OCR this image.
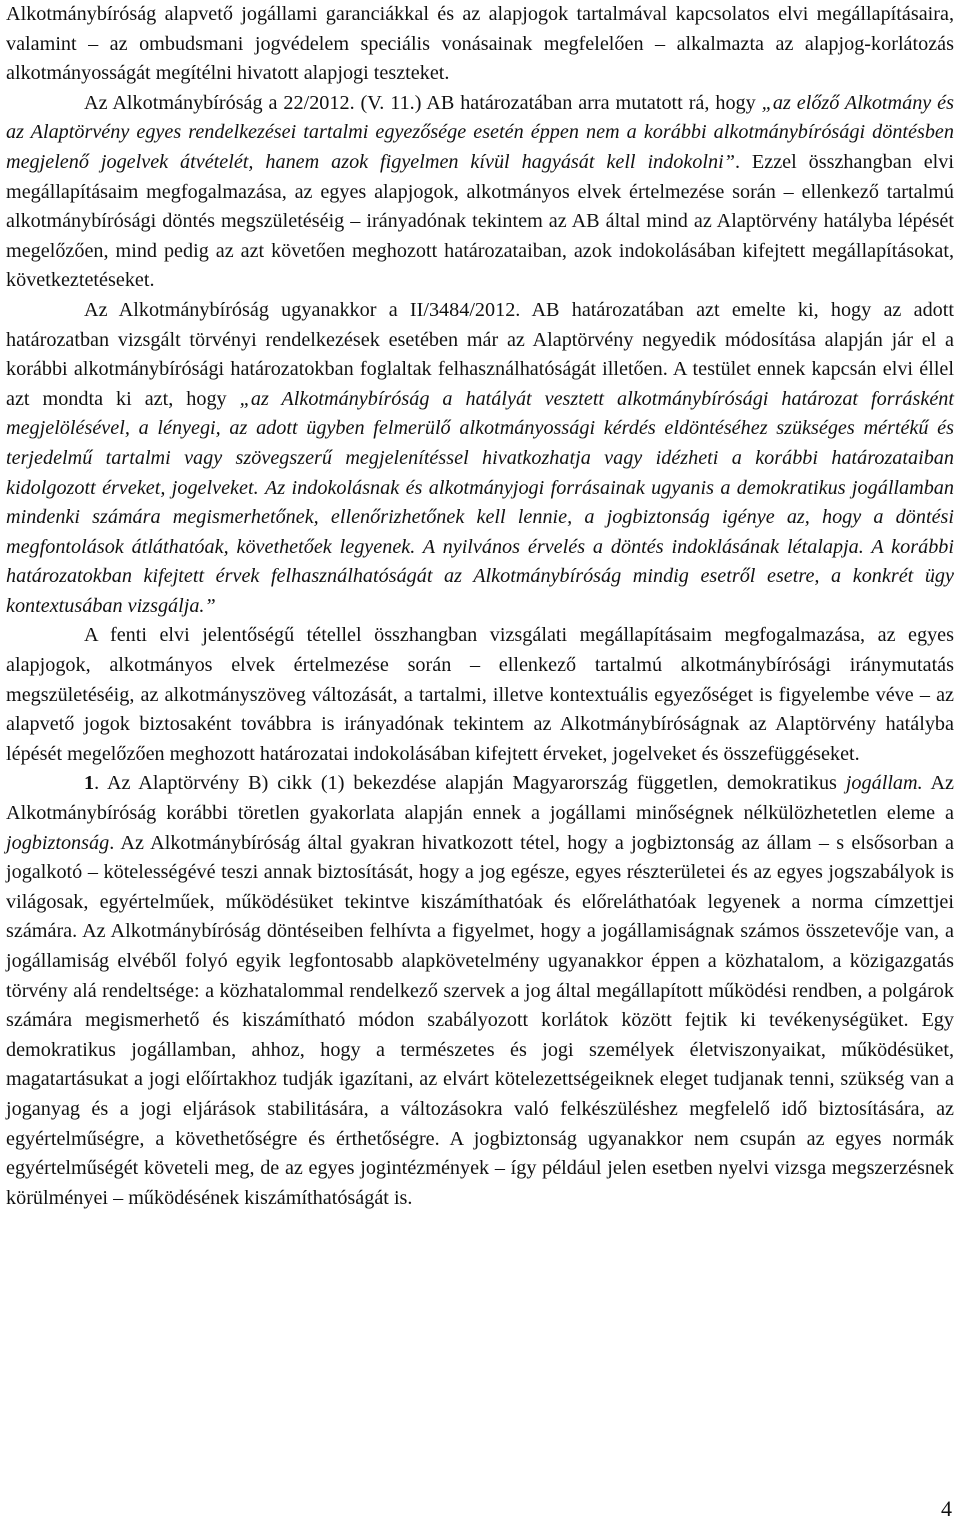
Alkotmánybíróság alapvető jogállami garanciákkal és az alapjogok tartalmával kapcsolatos elvi megállapításaira, valamint – az ombudsmani jogvédelem speciális vonásainak megfelelően – alkalmazta az alapjog-korlátozás alkotmányosságát megítélni hivatott alapjogi teszteket.

Az Alkotmánybíróság a 22/2012. (V. 11.) AB határozatában arra mutatott rá, hogy „az előző Alkotmány és az Alaptörvény egyes rendelkezései tartalmi egyezősége esetén éppen nem a korábbi alkotmánybírósági döntésben megjelenő jogelvek átvételét, hanem azok figyelmen kívül hagyását kell indokolni”. Ezzel összhangban elvi megállapításaim megfogalmazása, az egyes alapjogok, alkotmányos elvek értelmezése során – ellenkező tartalmú alkotmánybírósági döntés megszületéséig – irányadónak tekintem az AB által mind az Alaptörvény hatályba lépését megelőzően, mind pedig az azt követően meghozott határozataiban, azok indokolásában kifejtett megállapításokat, következtetéseket.

Az Alkotmánybíróság ugyanakkor a II/3484/2012. AB határozatában azt emelte ki, hogy az adott határozatban vizsgált törvényi rendelkezések esetében már az Alaptörvény negyedik módosítása alapján jár el a korábbi alkotmánybírósági határozatokban foglaltak felhasználhatóságát illetően. A testület ennek kapcsán elvi éllel azt mondta ki azt, hogy „az Alkotmánybíróság a hatályát vesztett alkotmánybírósági határozat forrásként megjelölésével, a lényegi, az adott ügyben felmerülő alkotmányossági kérdés eldöntéséhez szükséges mértékű és terjedelmű tartalmi vagy szövegszerű megjelenítéssel hivatkozhatja vagy idézheti a korábbi határozataiban kidolgozott érveket, jogelveket. Az indokolásnak és alkotmányjogi forrásainak ugyanis a demokratikus jogállamban mindenki számára megismerhetőnek, ellenőrizhetőnek kell lennie, a jogbiztonság igénye az, hogy a döntési megfontolások átláthatóak, követhetőek legyenek. A nyilvános érvelés a döntés indoklásának létalapja. A korábbi határozatokban kifejtett érvek felhasználhatóságát az Alkotmánybíróság mindig esetről esetre, a konkrét ügy kontextusában vizsgálja.”

A fenti elvi jelentőségű tétellel összhangban vizsgálati megállapításaim megfogalmazása, az egyes alapjogok, alkotmányos elvek értelmezése során – ellenkező tartalmú alkotmánybírósági iránymutatás megszületéséig, az alkotmányszöveg változását, a tartalmi, illetve kontextuális egyezőséget is figyelembe véve – az alapvető jogok biztosaként továbbra is irányadónak tekintem az Alkotmánybíróságnak az Alaptörvény hatályba lépését megelőzően meghozott határozatai indokolásában kifejtett érveket, jogelveket és összefüggéseket.

1. Az Alaptörvény B) cikk (1) bekezdése alapján Magyarország független, demokratikus jogállam. Az Alkotmánybíróság korábbi töretlen gyakorlata alapján ennek a jogállami minőségnek nélkülözhetetlen eleme a jogbiztonság. Az Alkotmánybíróság által gyakran hivatkozott tétel, hogy a jogbiztonság az állam – s elsősorban a jogalkotó – kötelességévé teszi annak biztosítását, hogy a jog egésze, egyes részterületei és az egyes jogszabályok is világosak, egyértelműek, működésüket tekintve kiszámíthatóak és előreláthatóak legyenek a norma címzettjei számára. Az Alkotmánybíróság döntéseiben felhívta a figyelmet, hogy a jogállamiságnak számos összetevője van, a jogállamiság elvéből folyó egyik legfontosabb alapkövetelmény ugyanakkor éppen a közhatalom, a közigazgatás törvény alá rendeltsége: a közhatalommal rendelkező szervek a jog által megállapított működési rendben, a polgárok számára megismerhető és kiszámítható módon szabályozott korlátok között fejtik ki tevékenységüket. Egy demokratikus jogállamban, ahhoz, hogy a természetes és jogi személyek életviszonyaikat, működésüket, magatartásukat a jogi előírtakhoz tudják igazítani, az elvárt kötelezettségeiknek eleget tudjanak tenni, szükség van a joganyag és a jogi eljárások stabilitására, a változásokra való felkészüléshez megfelelő idő biztosítására, az egyértelműségre, a követhetőségre és érthetőségre. A jogbiztonság ugyanakkor nem csupán az egyes normák egyértelműségét követeli meg, de az egyes jogintézmények – így például jelen esetben nyelvi vizsga megszerzésnek körülményei – működésének kiszámíthatóságát is.

4
